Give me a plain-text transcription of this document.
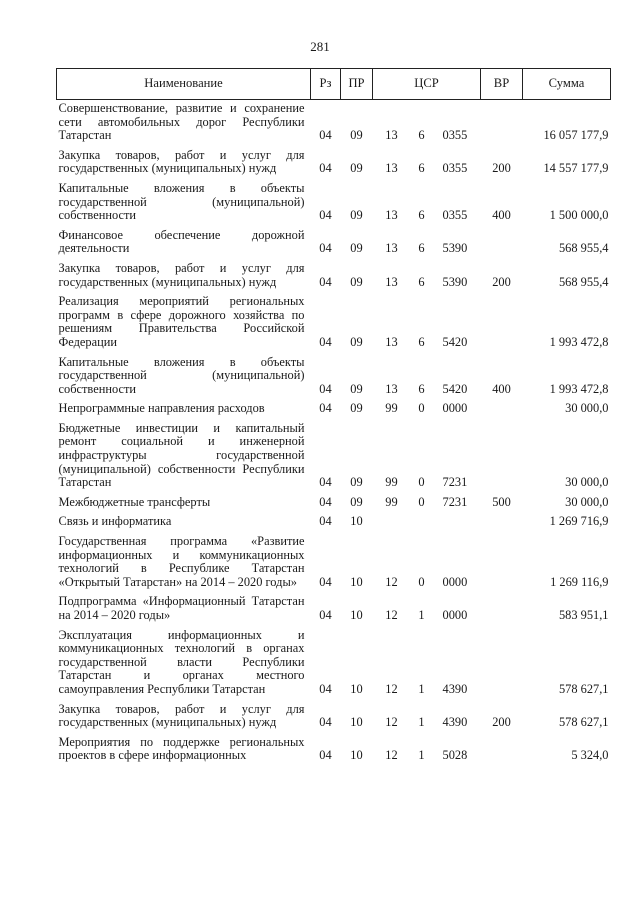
281
Наименование	Рз	ПР	ЦСР			ВР	Сумма
Совершенствование, развитие и сохранение сети автомобильных дорог Республики Татарстан	04	09	13	6	0355		16 057 177,9
Закупка товаров, работ и услуг для государственных (муниципальных) нужд	04	09	13	6	0355	200	14 557 177,9
Капитальные вложения в объекты государственной (муниципальной) собственности	04	09	13	6	0355	400	1 500 000,0
Финансовое обеспечение дорожной деятельности	04	09	13	6	5390		568 955,4
Закупка товаров, работ и услуг для государственных (муниципальных) нужд	04	09	13	6	5390	200	568 955,4
Реализация мероприятий региональных программ в сфере дорожного хозяйства по решениям Правительства Российской Федерации	04	09	13	6	5420		1 993 472,8
Капитальные вложения в объекты государственной (муниципальной) собственности	04	09	13	6	5420	400	1 993 472,8
Непрограммные направления расходов	04	09	99	0	0000		30 000,0
Бюджетные инвестиции и капитальный ремонт социальной и инженерной инфраструктуры государственной (муниципальной) собственности Республики Татарстан	04	09	99	0	7231		30 000,0
Межбюджетные трансферты	04	09	99	0	7231	500	30 000,0
Связь и информатика	04	10					1 269 716,9
Государственная программа «Развитие информационных и коммуникационных технологий в Республике Татарстан «Открытый Татарстан» на 2014 – 2020 годы»	04	10	12	0	0000		1 269 116,9
Подпрограмма «Информационный Татарстан на 2014 – 2020 годы»	04	10	12	1	0000		583 951,1
Эксплуатация информационных и коммуникационных технологий в органах государственной власти Республики Татарстан и органах местного самоуправления Республики Татарстан	04	10	12	1	4390		578 627,1
Закупка товаров, работ и услуг для государственных (муниципальных) нужд	04	10	12	1	4390	200	578 627,1
Мероприятия по поддержке региональных проектов в сфере информационных	04	10	12	1	5028		5 324,0
